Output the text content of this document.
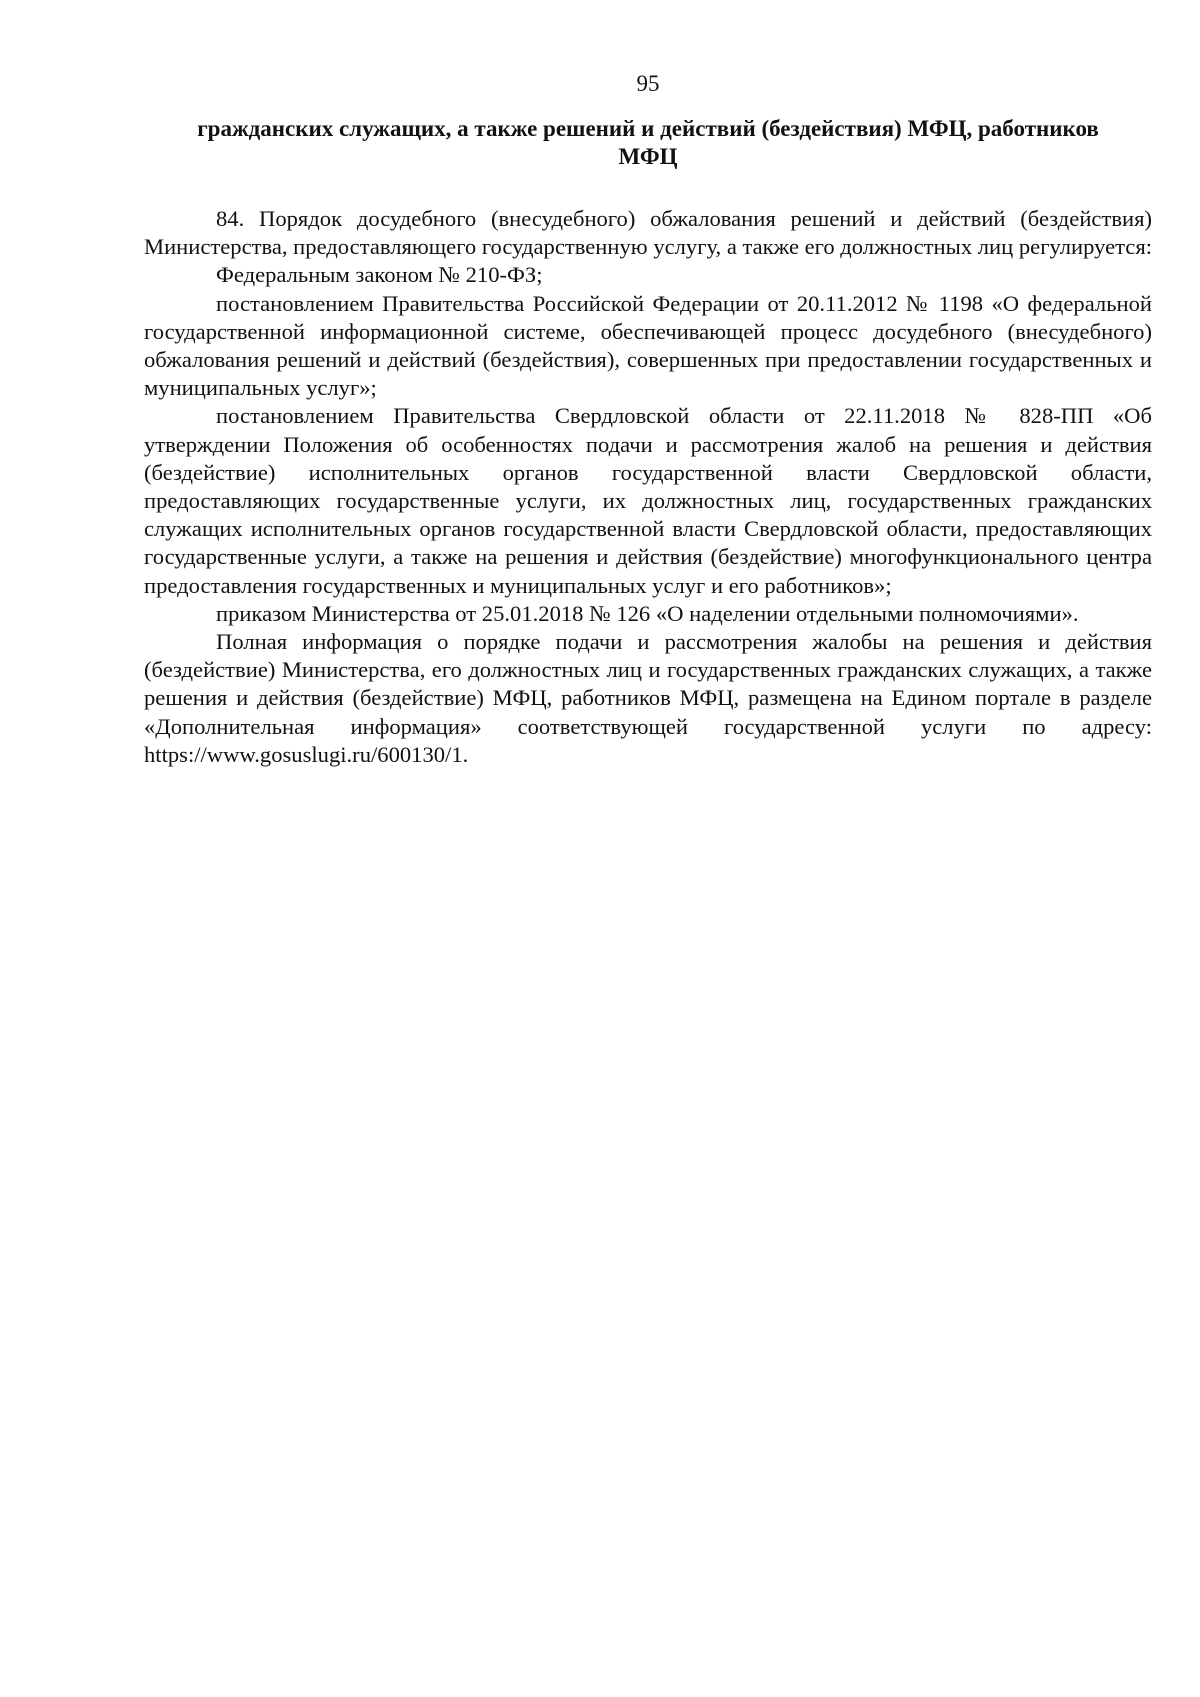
95
гражданских служащих, а также решений и действий (бездействия) МФЦ, работников
МФЦ

84. Порядок досудебного (внесудебного) обжалования решений и действий (бездействия) Министерства, предоставляющего государственную услугу, а также его должностных лиц регулируется:

Федеральным законом № 210-ФЗ;

постановлением Правительства Российской Федерации от 20.11.2012 № 1198 «О федеральной государственной информационной системе, обеспечивающей процесс досудебного (внесудебного) обжалования решений и действий (бездействия), совершенных при предоставлении государственных и муниципальных услуг»;

постановлением Правительства Свердловской области от 22.11.2018 № 828-ПП «Об утверждении Положения об особенностях подачи и рассмотрения жалоб на решения и действия (бездействие) исполнительных органов государственной власти Свердловской области, предоставляющих государственные услуги, их должностных лиц, государственных гражданских служащих исполнительных органов государственной власти Свердловской области, предоставляющих государственные услуги, а также на решения и действия (бездействие) многофункционального центра предоставления государственных и муниципальных услуг и его работников»;

приказом Министерства от 25.01.2018 № 126 «О наделении отдельными полномочиями».

Полная информация о порядке подачи и рассмотрения жалобы на решения и действия (бездействие) Министерства, его должностных лиц и государственных гражданских служащих, а также решения и действия (бездействие) МФЦ, работников МФЦ, размещена на Едином портале в разделе «Дополнительная информация» соответствующей государственной услуги по адресу: https://www.gosuslugi.ru/600130/1.
